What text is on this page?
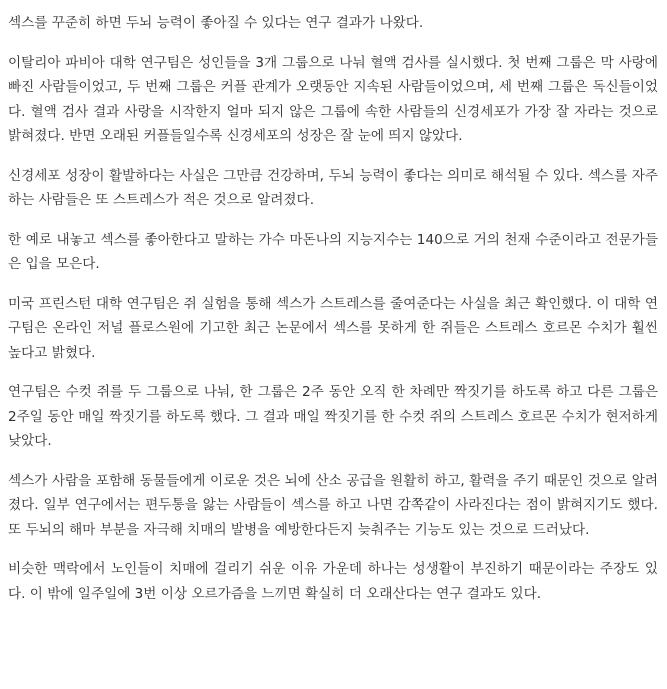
섹스를 꾸준히 하면 두뇌 능력이 좋아질 수 있다는 연구 결과가 나왔다.

이탈리아 파비아 대학 연구팀은 성인들을 3개 그룹으로 나눠 혈액 검사를 실시했다. 첫 번째 그룹은 막 사랑에 빠진 사람들이었고, 두 번째 그룹은 커플 관계가 오랫동안 지속된 사람들이었으며, 세 번째 그룹은 독신들이었다. 혈액 검사 결과 사랑을 시작한지 얼마 되지 않은 그룹에 속한 사람들의 신경세포가 가장 잘 자라는 것으로 밝혀졌다. 반면 오래된 커플들일수록 신경세포의 성장은 잘 눈에 띄지 않았다.

신경세포 성장이 활발하다는 사실은 그만큼 건강하며, 두뇌 능력이 좋다는 의미로 해석될 수 있다. 섹스를 자주하는 사람들은 또 스트레스가 적은 것으로 알려졌다.

한 예로 내놓고 섹스를 좋아한다고 말하는 가수 마돈나의 지능지수는 140으로 거의 천재 수준이라고 전문가들은 입을 모은다.

미국 프린스턴 대학 연구팀은 쥐 실험을 통해 섹스가 스트레스를 줄여준다는 사실을 최근 확인했다. 이 대학 연구팀은 온라인 저널 플로스원에 기고한 최근 논문에서 섹스를 못하게 한 쥐들은 스트레스 호르몬 수치가 훨씬 높다고 밝혔다.

연구팀은 수컷 쥐를 두 그룹으로 나눠, 한 그룹은 2주 동안 오직 한 차례만 짝짓기를 하도록 하고 다른 그룹은 2주일 동안 매일 짝짓기를 하도록 했다. 그 결과 매일 짝짓기를 한 수컷 쥐의 스트레스 호르몬 수치가 현저하게 낮았다.

섹스가 사람을 포함해 동물들에게 이로운 것은 뇌에 산소 공급을 원활히 하고, 활력을 주기 때문인 것으로 알려졌다. 일부 연구에서는 편두통을 앓는 사람들이 섹스를 하고 나면 감쪽같이 사라진다는 점이 밝혀지기도 했다. 또 두뇌의 해마 부분을 자극해 치매의 발병을 예방한다든지 늦춰주는 기능도 있는 것으로 드러났다.

비슷한 맥락에서 노인들이 치매에 걸리기 쉬운 이유 가운데 하나는 성생활이 부진하기 때문이라는 주장도 있다. 이 밖에 일주일에 3번 이상 오르가즘을 느끼면 확실히 더 오래산다는 연구 결과도 있다.
